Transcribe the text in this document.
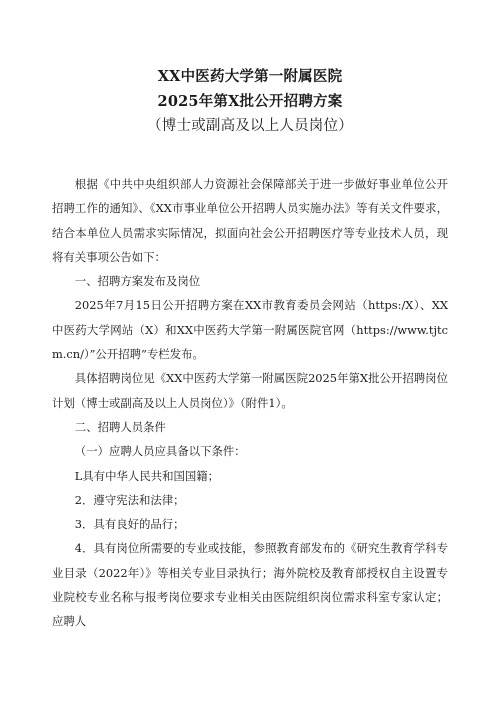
XX中医药大学第一附属医院
2025年第X批公开招聘方案
（博士或副高及以上人员岗位）

根据《中共中央组织部人力资源社会保障部关于进一步做好事业单位公开招聘工作的通知》、《XX市事业单位公开招聘人员实施办法》等有关文件要求，结合本单位人员需求实际情况，拟面向社会公开招聘医疗等专业技术人员，现将有关事项公告如下：

一、招聘方案发布及岗位

2025年7月15日公开招聘方案在XX市教育委员会网站（https:/X）、XX中医药大学网站（X）和XX中医药大学第一附属医院官网（https://www.tjtcm.cn/）”公开招聘”专栏发布。

具体招聘岗位见《XX中医药大学第一附属医院2025年第X批公开招聘岗位计划（博士或副高及以上人员岗位）》（附件1）。

二、招聘人员条件

（一）应聘人员应具备以下条件：

L具有中华人民共和国国籍；

2．遵守宪法和法律；

3．具有良好的品行；

4．具有岗位所需要的专业或技能，参照教育部发布的《研究生教育学科专业目录（2022年）》等相关专业目录执行；海外院校及教育部授权自主设置专业院校专业名称与报考岗位要求专业相关由医院组织岗位需求科室专家认定；应聘人
